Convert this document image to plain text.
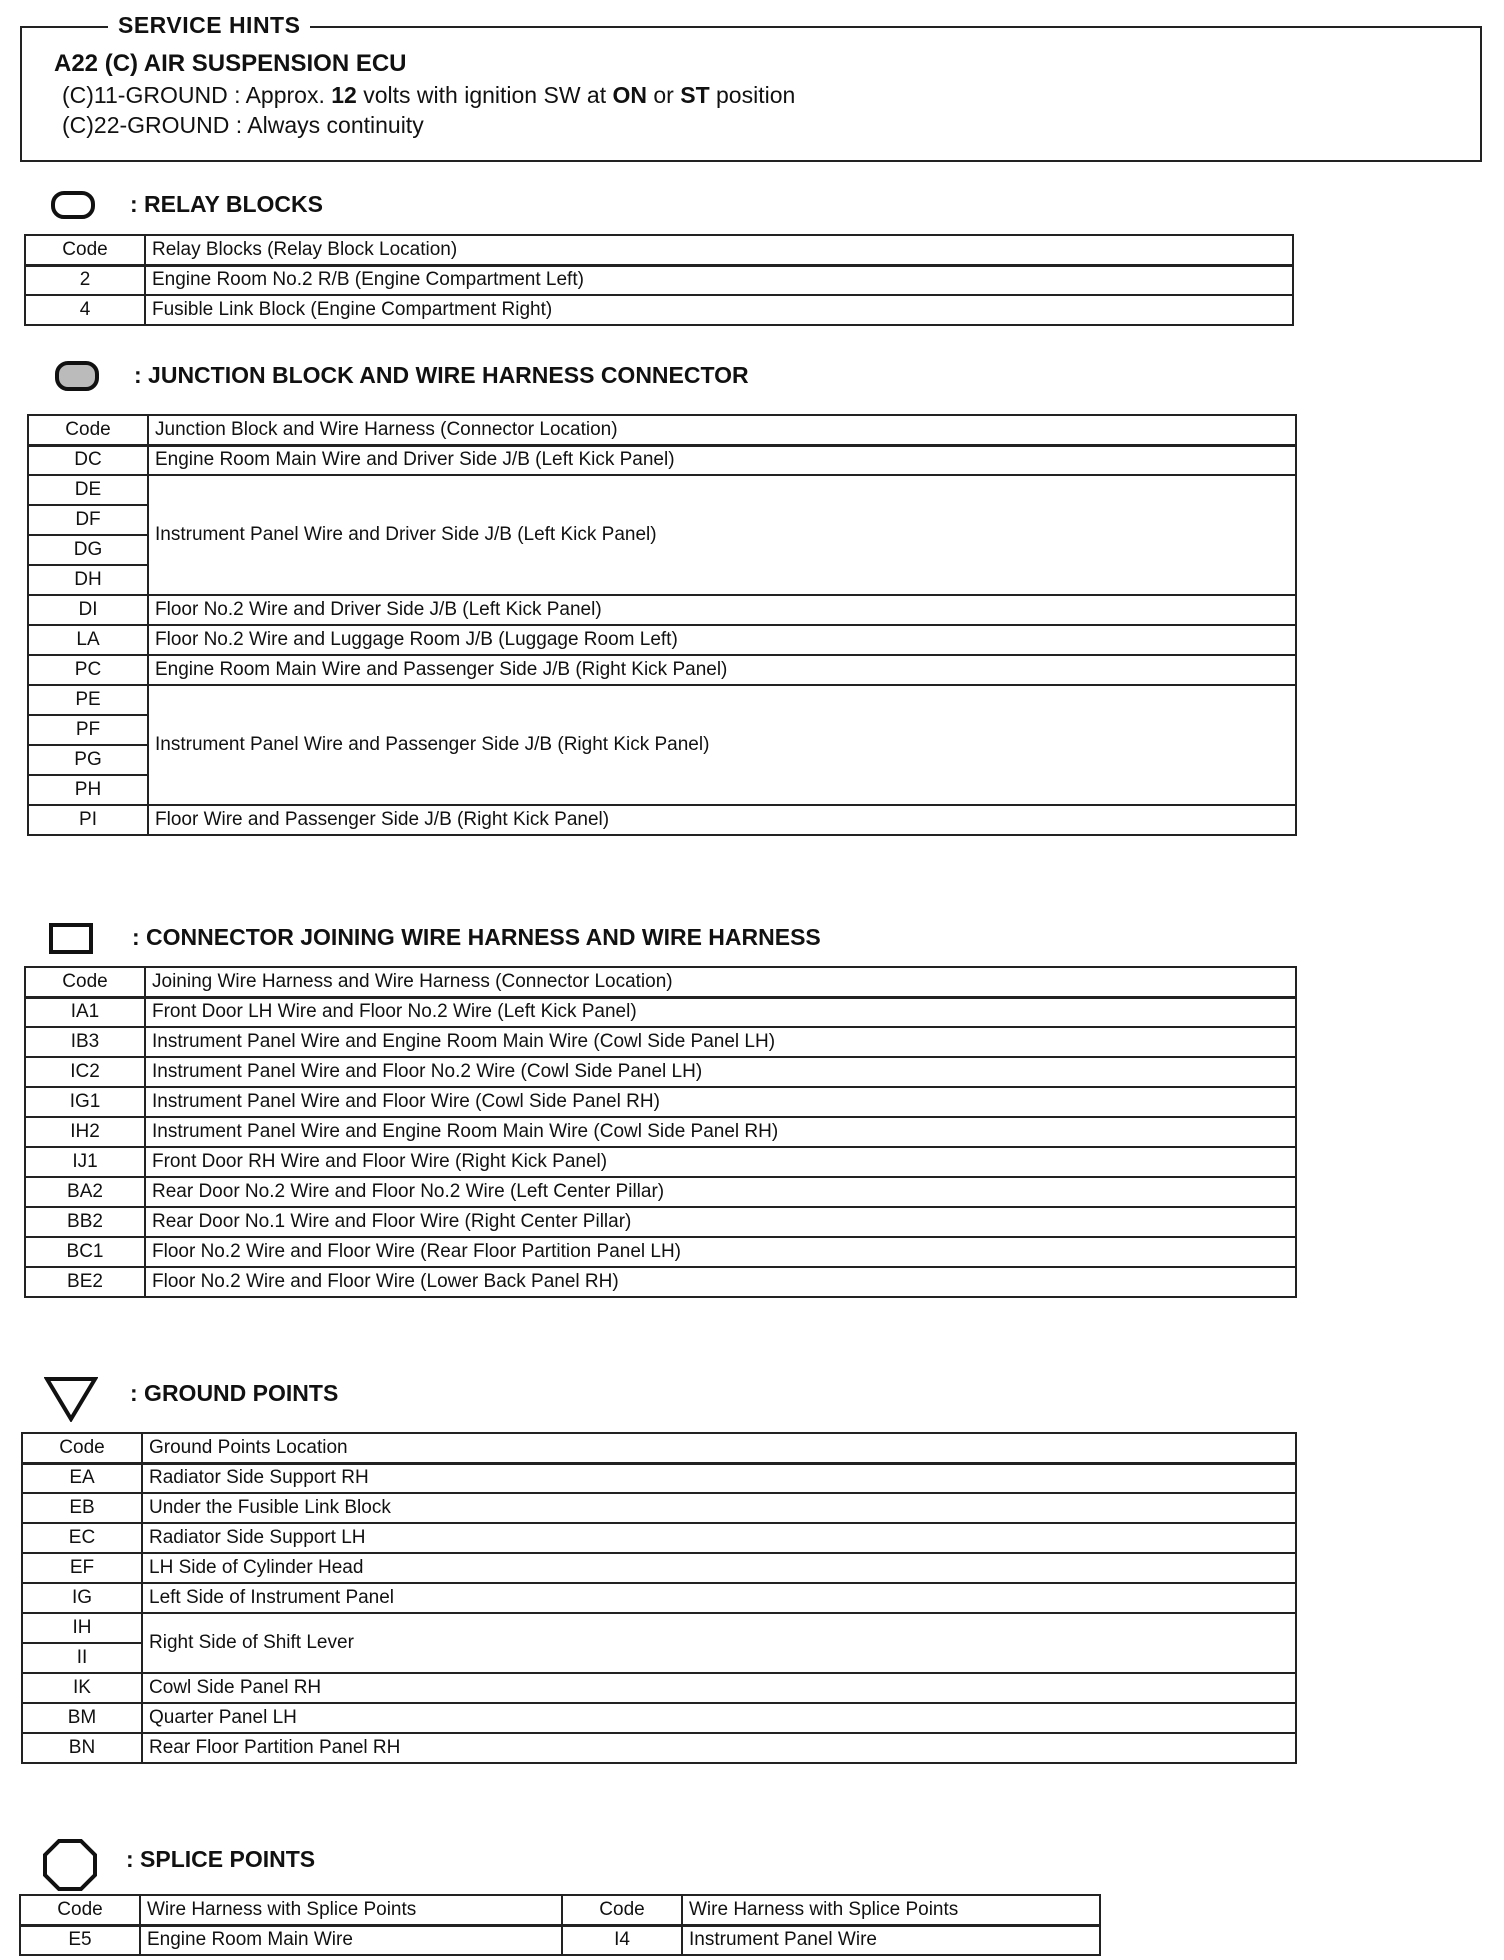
SERVICE HINTS
A22 (C) AIR SUSPENSION ECU
(C)11-GROUND : Approx. 12 volts with ignition SW at ON or ST position
(C)22-GROUND : Always continuity
: RELAY BLOCKS
Code	Relay Blocks (Relay Block Location)
2	Engine Room No.2 R/B (Engine Compartment Left)
4	Fusible Link Block (Engine Compartment Right)
: JUNCTION BLOCK AND WIRE HARNESS CONNECTOR
Code	Junction Block and Wire Harness (Connector Location)
DC	Engine Room Main Wire and Driver Side J/B (Left Kick Panel)
DE	Instrument Panel Wire and Driver Side J/B (Left Kick Panel)
DF	
DG	
DH	
DI	Floor No.2 Wire and Driver Side J/B (Left Kick Panel)
LA	Floor No.2 Wire and Luggage Room J/B (Luggage Room Left)
PC	Engine Room Main Wire and Passenger Side J/B (Right Kick Panel)
PE	Instrument Panel Wire and Passenger Side J/B (Right Kick Panel)
PF	
PG	
PH	
PI	Floor Wire and Passenger Side J/B (Right Kick Panel)
: CONNECTOR JOINING WIRE HARNESS AND WIRE HARNESS
Code	Joining Wire Harness and Wire Harness (Connector Location)
IA1	Front Door LH Wire and Floor No.2 Wire (Left Kick Panel)
IB3	Instrument Panel Wire and Engine Room Main Wire (Cowl Side Panel LH)
IC2	Instrument Panel Wire and Floor No.2 Wire (Cowl Side Panel LH)
IG1	Instrument Panel Wire and Floor Wire (Cowl Side Panel RH)
IH2	Instrument Panel Wire and Engine Room Main Wire (Cowl Side Panel RH)
IJ1	Front Door RH Wire and Floor Wire (Right Kick Panel)
BA2	Rear Door No.2 Wire and Floor No.2 Wire (Left Center Pillar)
BB2	Rear Door No.1 Wire and Floor Wire (Right Center Pillar)
BC1	Floor No.2 Wire and Floor Wire (Rear Floor Partition Panel LH)
BE2	Floor No.2 Wire and Floor Wire (Lower Back Panel RH)
: GROUND POINTS
Code	Ground Points Location
EA	Radiator Side Support RH
EB	Under the Fusible Link Block
EC	Radiator Side Support LH
EF	LH Side of Cylinder Head
IG	Left Side of Instrument Panel
IH	Right Side of Shift Lever
II	
IK	Cowl Side Panel RH
BM	Quarter Panel LH
BN	Rear Floor Partition Panel RH
: SPLICE POINTS
Code	Wire Harness with Splice Points	Code	Wire Harness with Splice Points
E5	Engine Room Main Wire	I4	Instrument Panel Wire
